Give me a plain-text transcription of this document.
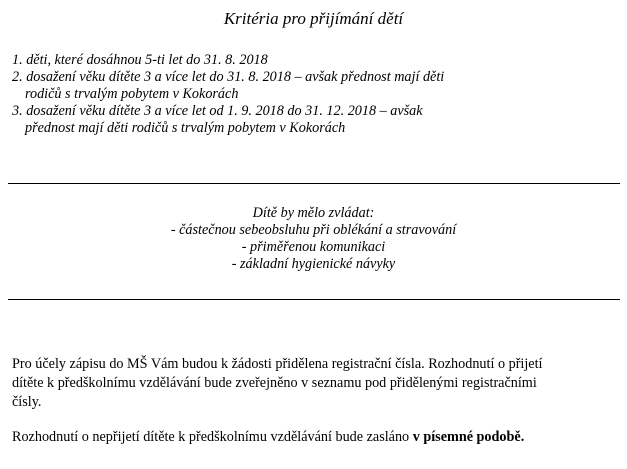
Kritéria pro přijímání dětí
1. děti, které dosáhnou 5-ti let do 31. 8. 2018
2. dosažení věku dítěte 3 a více let do 31. 8. 2018 – avšak přednost mají děti
rodičů s trvalým pobytem v Kokorách
3. dosažení věku dítěte 3 a více let od 1. 9. 2018 do 31. 12. 2018 – avšak
přednost mají děti rodičů s trvalým pobytem v Kokorách
Dítě by mělo zvládat:
- částečnou sebeobsluhu při oblékání a stravování
- přiměřenou komunikaci
- základní hygienické návyky
Pro účely zápisu do MŠ Vám budou k žádosti přidělena registrační čísla. Rozhodnutí o přijetí
dítěte k předškolnímu vzdělávání bude zveřejněno v seznamu pod přidělenými registračními
čísly.
Rozhodnutí o nepřijetí dítěte k předškolnímu vzdělávání bude zasláno v písemné podobě.
